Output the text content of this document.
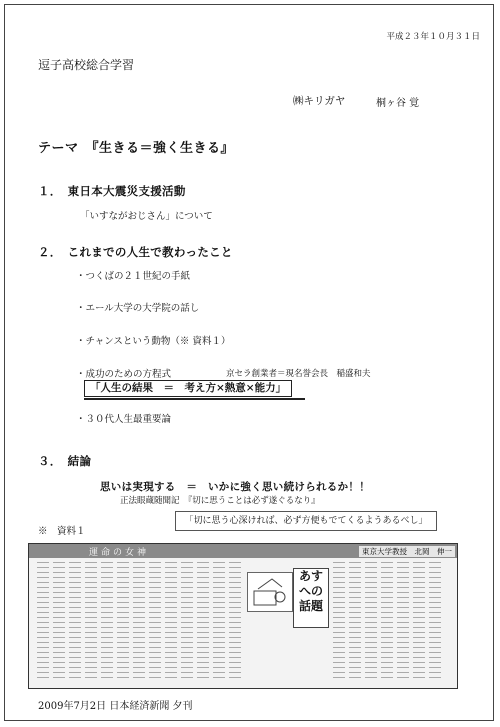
平成２３年１０月３１日
逗子高校総合学習
㈱キリガヤ	桐ヶ谷 覚
テーマ　『生きる＝強く生きる』
１．　東日本大震災支援活動
「いすながおじさん」について
２．　これまでの人生で教わったこと
・つくばの２１世紀の手紙
・エール大学の大学院の話し
・チャンスという動物（※ 資料１）
・成功のための方程式	京セラ創業者＝現名誉会長　稲盛和夫
「人生の結果　＝　考え方×熱意×能力」
・３０代人生最重要論
３．　結論
思いは実現する　＝　いかに強く思い続けられるか！！
正法眼蔵随聞記　『切に思うことは必ず遂ぐるなり』
「切に思う心深ければ、必ず方便もでてくるようあるべし」
※　資料１
運命の女神	東京大学教授　北岡　伸一
あすへの話題
2009年7月2日 日本経済新聞 夕刊
